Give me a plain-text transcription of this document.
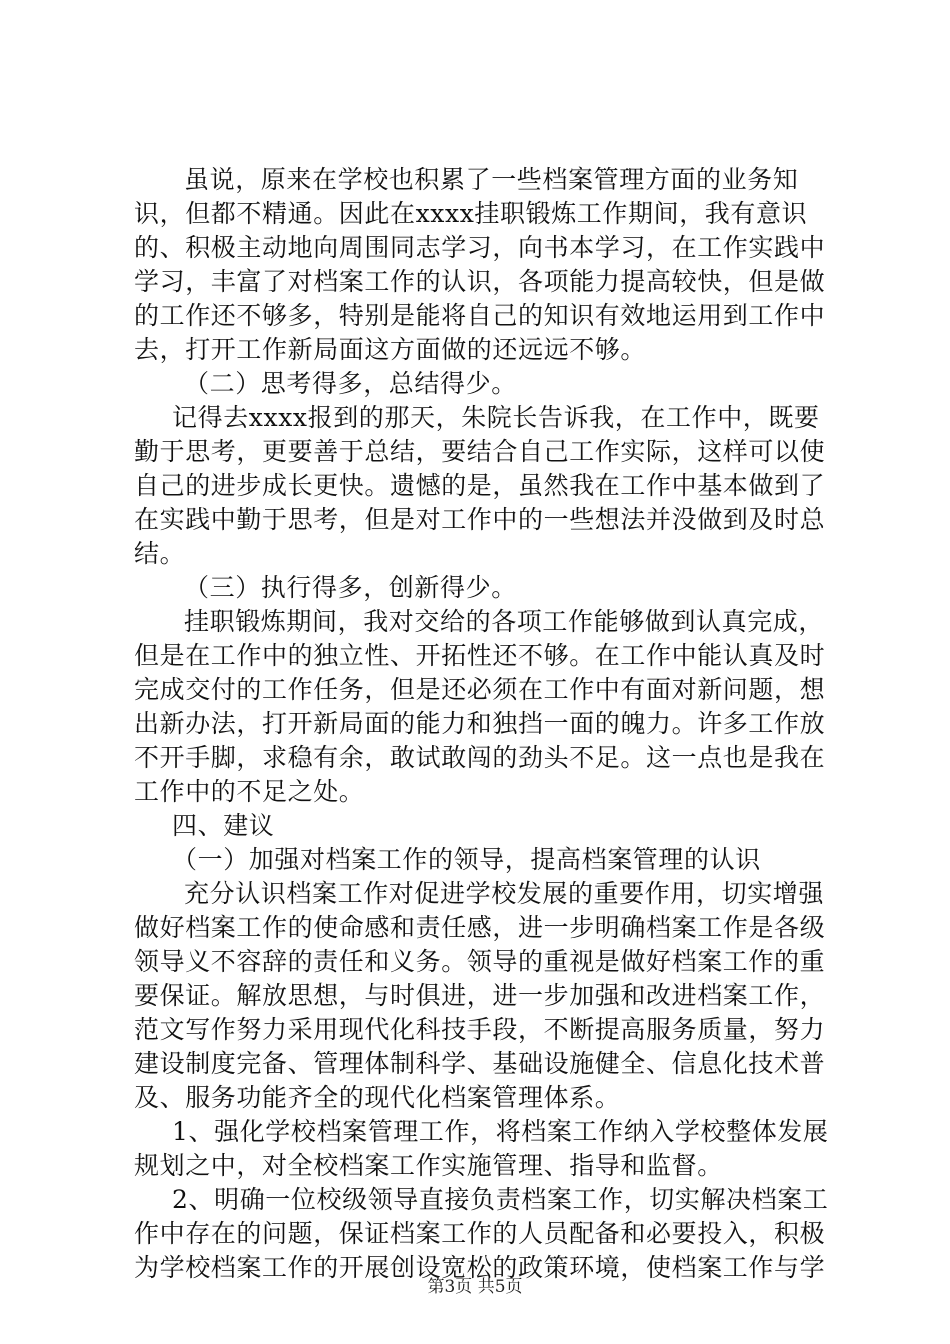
虽说，原来在学校也积累了一些档案管理方面的业务知识，但都不精通。因此在xxxx挂职锻炼工作期间，我有意识的、积极主动地向周围同志学习，向书本学习，在工作实践中学习，丰富了对档案工作的认识，各项能力提高较快，但是做的工作还不够多，特别是能将自己的知识有效地运用到工作中去，打开工作新局面这方面做的还远远不够。

（二）思考得多，总结得少。

记得去xxxx报到的那天，朱院长告诉我，在工作中，既要勤于思考，更要善于总结，要结合自己工作实际，这样可以使自己的进步成长更快。遗憾的是，虽然我在工作中基本做到了在实践中勤于思考，但是对工作中的一些想法并没做到及时总结。

（三）执行得多，创新得少。

挂职锻炼期间，我对交给的各项工作能够做到认真完成，但是在工作中的独立性、开拓性还不够。在工作中能认真及时完成交付的工作任务，但是还必须在工作中有面对新问题，想出新办法，打开新局面的能力和独挡一面的魄力。许多工作放不开手脚，求稳有余，敢试敢闯的劲头不足。这一点也是我在工作中的不足之处。

四、建议

（一）加强对档案工作的领导，提高档案管理的认识

充分认识档案工作对促进学校发展的重要作用，切实增强做好档案工作的使命感和责任感，进一步明确档案工作是各级领导义不容辞的责任和义务。领导的重视是做好档案工作的重要保证。解放思想，与时俱进，进一步加强和改进档案工作，范文写作努力采用现代化科技手段，不断提高服务质量，努力建设制度完备、管理体制科学、基础设施健全、信息化技术普及、服务功能齐全的现代化档案管理体系。

1、强化学校档案管理工作，将档案工作纳入学校整体发展规划之中，对全校档案工作实施管理、指导和监督。

2、明确一位校级领导直接负责档案工作，切实解决档案工作中存在的问题，保证档案工作的人员配备和必要投入，积极为学校档案工作的开展创设宽松的政策环境，使档案工作与学

第3页 共5页
